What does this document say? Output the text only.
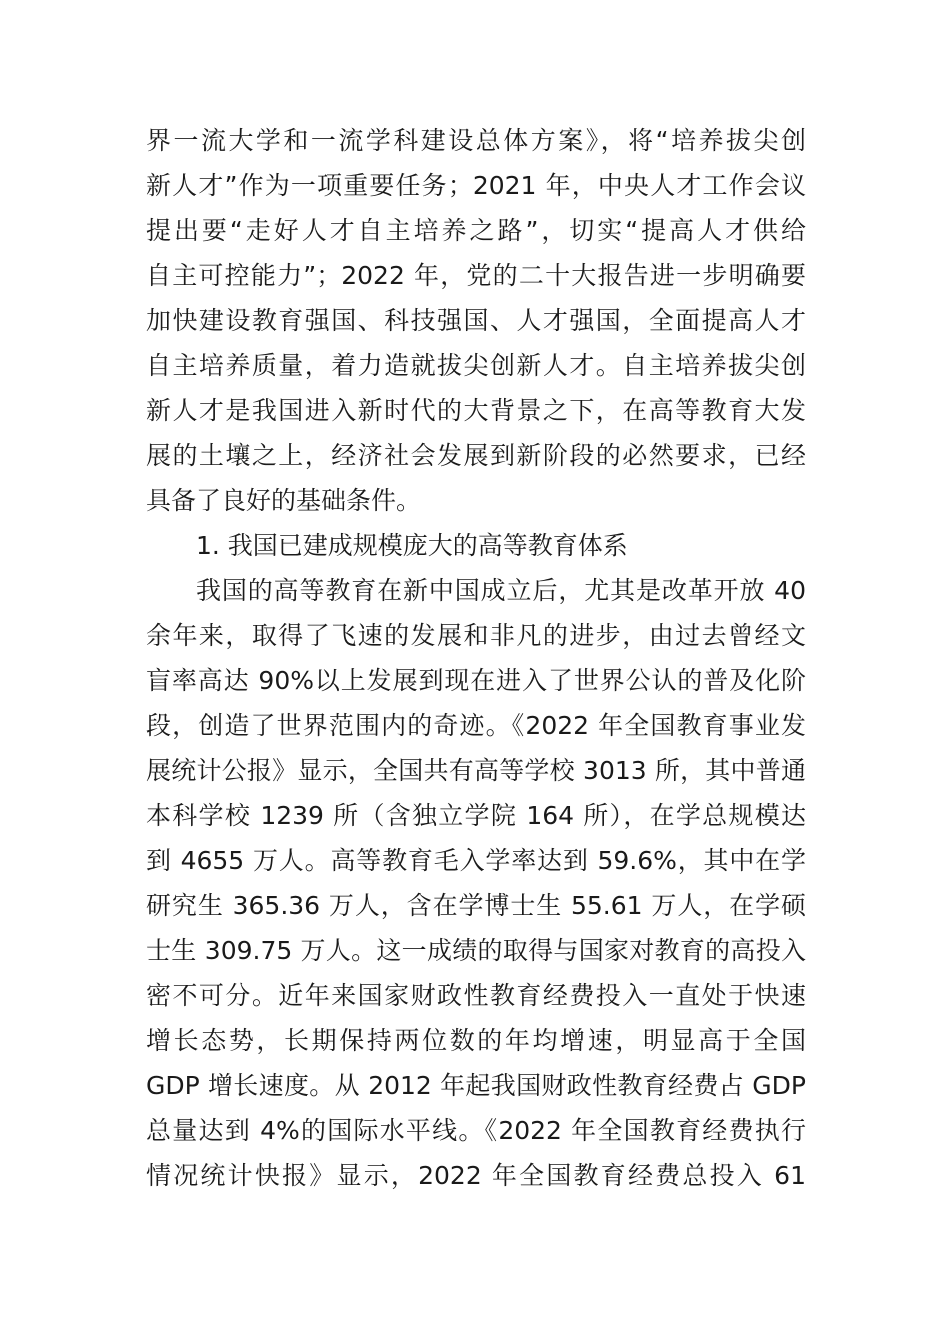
界一流大学和一流学科建设总体方案》，将“培养拔尖创
新人才”作为一项重要任务；2021 年，中央人才工作会议
提出要“走好人才自主培养之路”，切实“提高人才供给
自主可控能力”；2022 年，党的二十大报告进一步明确要
加快建设教育强国、科技强国、人才强国，全面提高人才
自主培养质量，着力造就拔尖创新人才。自主培养拔尖创
新人才是我国进入新时代的大背景之下，在高等教育大发
展的土壤之上，经济社会发展到新阶段的必然要求，已经
具备了良好的基础条件。
1. 我国已建成规模庞大的高等教育体系
我国的高等教育在新中国成立后，尤其是改革开放 40
余年来，取得了飞速的发展和非凡的进步，由过去曾经文
盲率高达 90%以上发展到现在进入了世界公认的普及化阶
段，创造了世界范围内的奇迹。《2022 年全国教育事业发
展统计公报》显示，全国共有高等学校 3013 所，其中普通
本科学校 1239 所（含独立学院 164 所），在学总规模达
到 4655 万人。高等教育毛入学率达到 59.6%，其中在学
研究生 365.36 万人，含在学博士生 55.61 万人，在学硕
士生 309.75 万人。这一成绩的取得与国家对教育的高投入
密不可分。近年来国家财政性教育经费投入一直处于快速
增长态势，长期保持两位数的年均增速，明显高于全国
GDP 增长速度。从 2012 年起我国财政性教育经费占 GDP
总量达到 4%的国际水平线。《2022 年全国教育经费执行
情况统计快报》显示，2022 年全国教育经费总投入 61
